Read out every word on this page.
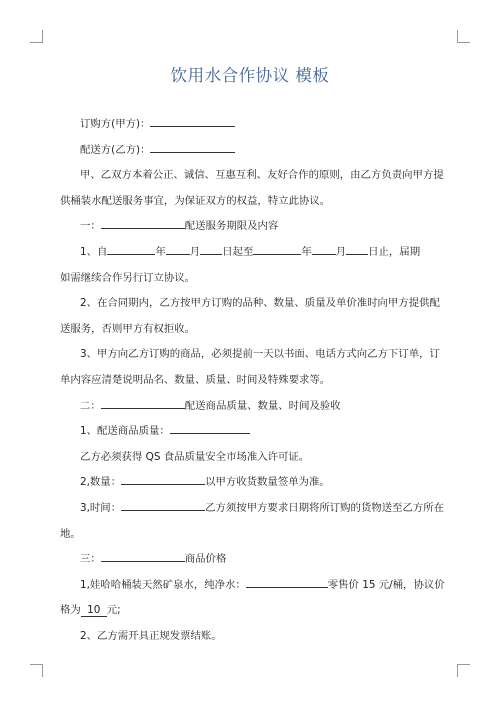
饮用水合作协议 模板
订购方(甲方)：
配送方(乙方)：
甲、乙双方本着公正、诚信、互惠互利、友好合作的原则，由乙方负责向甲方提
供桶装水配送服务事宜，为保证双方的权益，特立此协议。
一：	配送服务期限及内容
1、自	年 月 日起至	年 月 日止，届期
如需继续合作另行订立协议。
2、在合同期内，乙方按甲方订购的品种、数量、质量及单价准时向甲方提供配
送服务，否则甲方有权拒收。
3、甲方向乙方订购的商品，必须提前一天以书面、电话方式向乙方下订单，订
单内容应清楚说明品名、数量、质量、时间及特殊要求等。
二：	配送商品质量、数量、时间及验收
1、配送商品质量：
乙方必须获得 QS 食品质量安全市场准入许可证。
2,数量：	以甲方收货数量签单为准。
3,时间：	乙方须按甲方要求日期将所订购的货物送至乙方所在
地。
三：	商品价格
1,娃哈哈桶装天然矿泉水，纯净水：	零售价 15 元/桶，协议价
格为 10 元;
2、乙方需开具正规发票结账。
